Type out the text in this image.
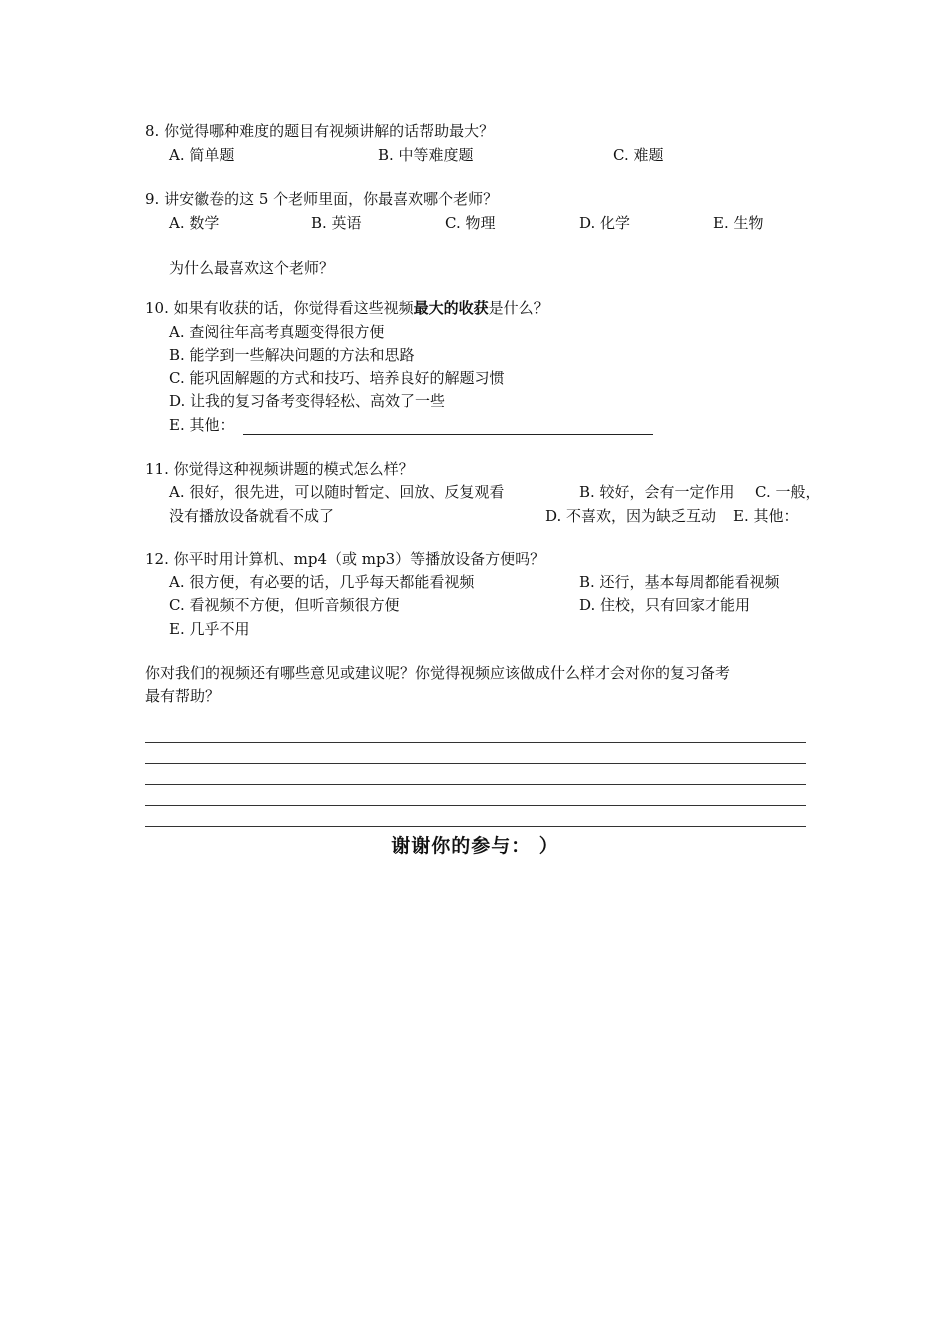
8. 你觉得哪种难度的题目有视频讲解的话帮助最大？
A. 简单题	B. 中等难度题	C. 难题
9. 讲安徽卷的这 5 个老师里面，你最喜欢哪个老师？
A. 数学	B. 英语	C. 物理	D. 化学	E. 生物
为什么最喜欢这个老师？
10. 如果有收获的话，你觉得看这些视频最大的收获是什么？
A. 查阅往年高考真题变得很方便
B. 能学到一些解决问题的方法和思路
C. 能巩固解题的方式和技巧、培养良好的解题习惯
D. 让我的复习备考变得轻松、高效了一些
E. 其他：
11. 你觉得这种视频讲题的模式怎么样？
A. 很好，很先进，可以随时暂定、回放、反复观看	B. 较好，会有一定作用 C. 一般，
没有播放设备就看不成了	D. 不喜欢，因为缺乏互动 E. 其他：
12. 你平时用计算机、mp4（或 mp3）等播放设备方便吗？
A. 很方便，有必要的话，几乎每天都能看视频	B. 还行，基本每周都能看视频
C. 看视频不方便，但听音频很方便	D. 住校，只有回家才能用
E. 几乎不用
你对我们的视频还有哪些意见或建议呢？你觉得视频应该做成什么样才会对你的复习备考
最有帮助？
谢谢你的参与： ）
